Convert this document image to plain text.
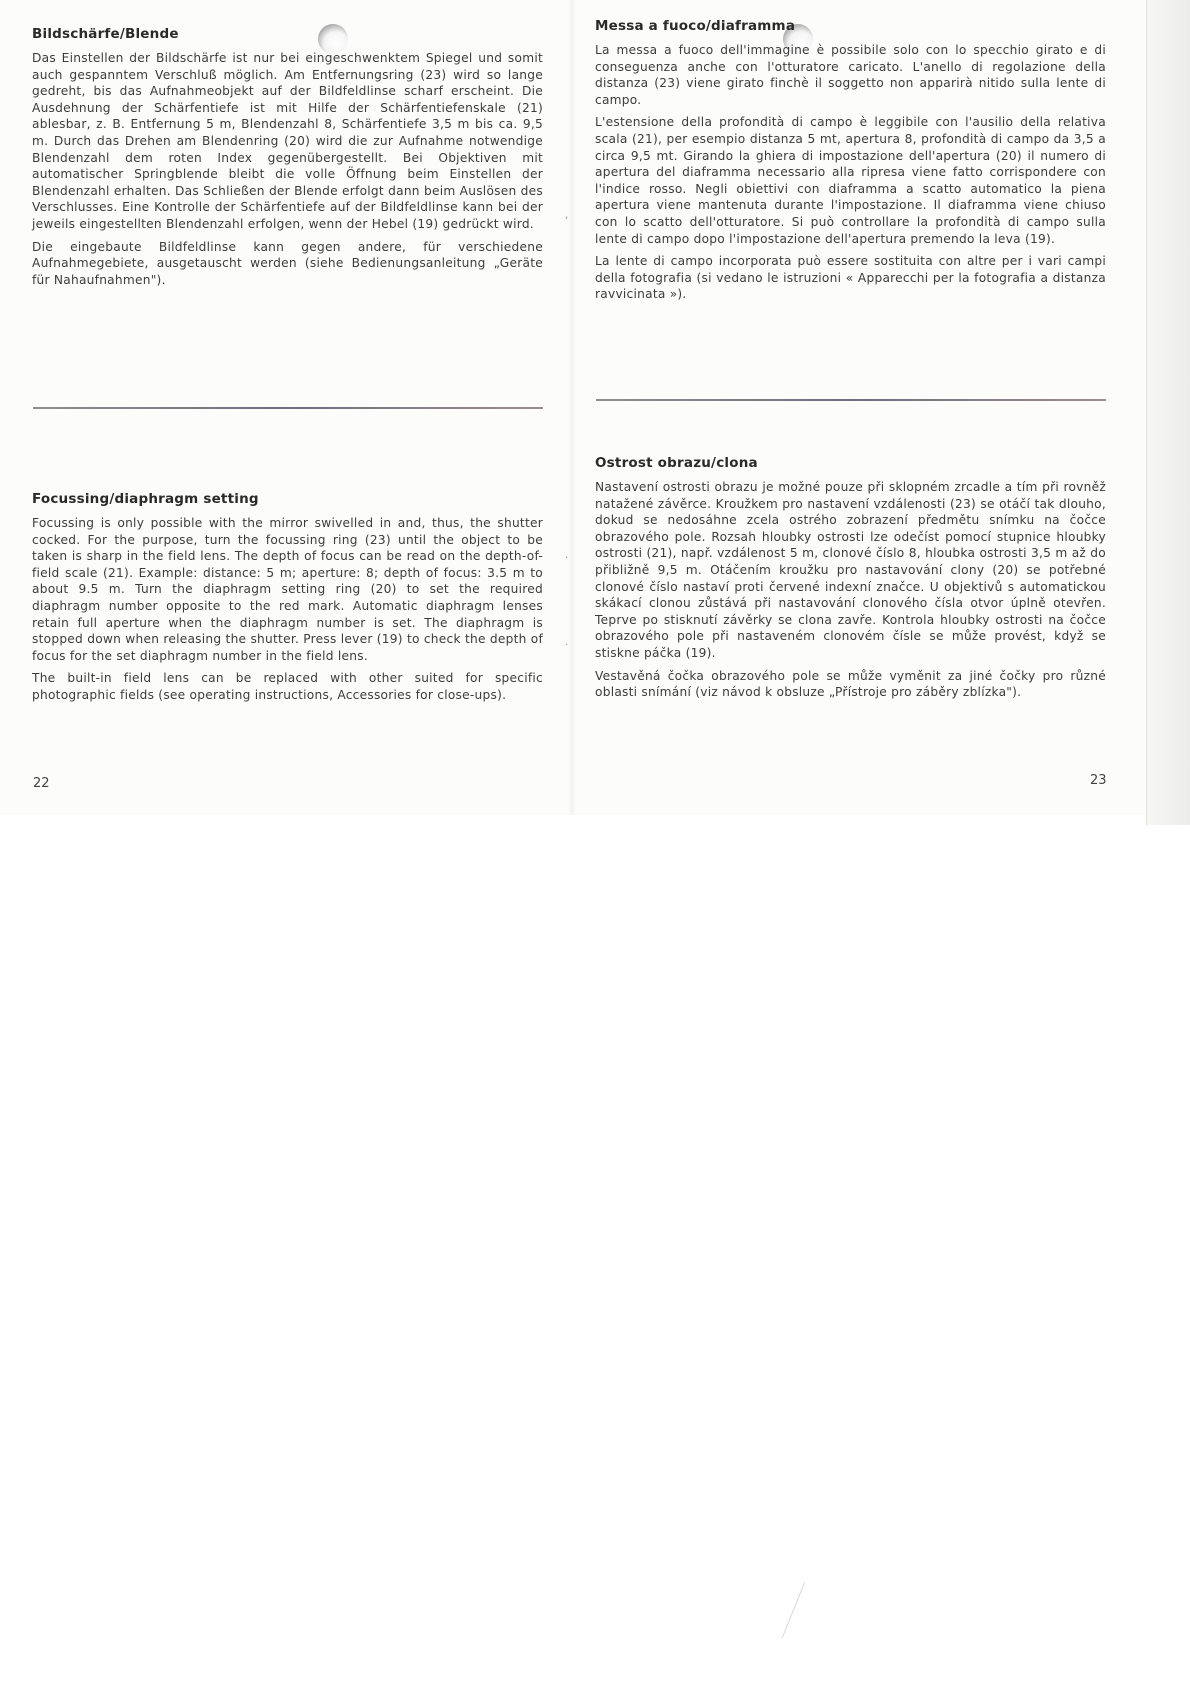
Bildschärfe/Blende

Das Einstellen der Bildschärfe ist nur bei eingeschwenktem Spiegel und somit auch gespanntem Verschluß möglich. Am Entfernungsring (23) wird so lange gedreht, bis das Aufnahmeobjekt auf der Bildfeldlinse scharf erscheint. Die Ausdehnung der Schärfentiefe ist mit Hilfe der Schärfentiefenskale (21) ablesbar, z. B. Entfernung 5 m, Blendenzahl 8, Schärfentiefe 3,5 m bis ca. 9,5 m. Durch das Drehen am Blendenring (20) wird die zur Aufnahme notwendige Blendenzahl dem roten Index gegenübergestellt. Bei Objektiven mit automatischer Springblende bleibt die volle Öffnung beim Einstellen der Blendenzahl erhalten. Das Schließen der Blende erfolgt dann beim Auslösen des Verschlusses. Eine Kontrolle der Schärfentiefe auf der Bildfeldlinse kann bei der jeweils eingestellten Blendenzahl erfolgen, wenn der Hebel (19) gedrückt wird.

Die eingebaute Bildfeldlinse kann gegen andere, für verschiedene Aufnahmegebiete, ausgetauscht werden (siehe Bedienungsanleitung „Geräte für Nahaufnahmen").

Focussing/diaphragm setting

Focussing is only possible with the mirror swivelled in and, thus, the shutter cocked. For the purpose, turn the focussing ring (23) until the object to be taken is sharp in the field lens. The depth of focus can be read on the depth-of-field scale (21). Example: distance: 5 m; aperture: 8; depth of focus: 3.5 m to about 9.5 m. Turn the diaphragm setting ring (20) to set the required diaphragm number opposite to the red mark. Automatic diaphragm lenses retain full aperture when the diaphragm number is set. The diaphragm is stopped down when releasing the shutter. Press lever (19) to check the depth of focus for the set diaphragm number in the field lens.

The built-in field lens can be replaced with other suited for specific photographic fields (see operating instructions, Accessories for close-ups).

22
Messa a fuoco/diaframma

La messa a fuoco dell'immagine è possibile solo con lo specchio girato e di conseguenza anche con l'otturatore caricato. L'anello di regolazione della distanza (23) viene girato finchè il soggetto non apparirà nitido sulla lente di campo.

L'estensione della profondità di campo è leggibile con l'ausilio della relativa scala (21), per esempio distanza 5 mt, apertura 8, profondità di campo da 3,5 a circa 9,5 mt. Girando la ghiera di impostazione dell'apertura (20) il numero di apertura del diaframma necessario alla ripresa viene fatto corrispondere con l'indice rosso. Negli obiettivi con diaframma a scatto automatico la piena apertura viene mantenuta durante l'impostazione. Il diaframma viene chiuso con lo scatto dell'otturatore. Si può controllare la profondità di campo sulla lente di campo dopo l'impostazione dell'apertura premendo la leva (19).

La lente di campo incorporata può essere sostituita con altre per i vari campi della fotografia (si vedano le istruzioni « Apparecchi per la fotografia a distanza ravvicinata »).

Ostrost obrazu/clona

Nastavení ostrosti obrazu je možné pouze při sklopném zrcadle a tím při rovněž natažené závěrce. Kroužkem pro nastavení vzdálenosti (23) se otáčí tak dlouho, dokud se nedosáhne zcela ostrého zobrazení předmětu snímku na čočce obrazového pole. Rozsah hloubky ostrosti lze odečíst pomocí stupnice hloubky ostrosti (21), např. vzdálenost 5 m, clonové číslo 8, hloubka ostrosti 3,5 m až do přibližně 9,5 m. Otáčením kroužku pro nastavování clony (20) se potřebné clonové číslo nastaví proti červené indexní značce. U objektivů s automatickou skákací clonou zůstává při nastavování clonového čísla otvor úplně otevřen. Teprve po stisknutí závěrky se clona zavře. Kontrola hloubky ostrosti na čočce obrazového pole při nastaveném clonovém čísle se může provést, když se stiskne páčka (19).

Vestavěná čočka obrazového pole se může vyměnit za jiné čočky pro různé oblasti snímání (viz návod k obsluze „Přístroje pro záběry zblízka").

23
,
·
·
